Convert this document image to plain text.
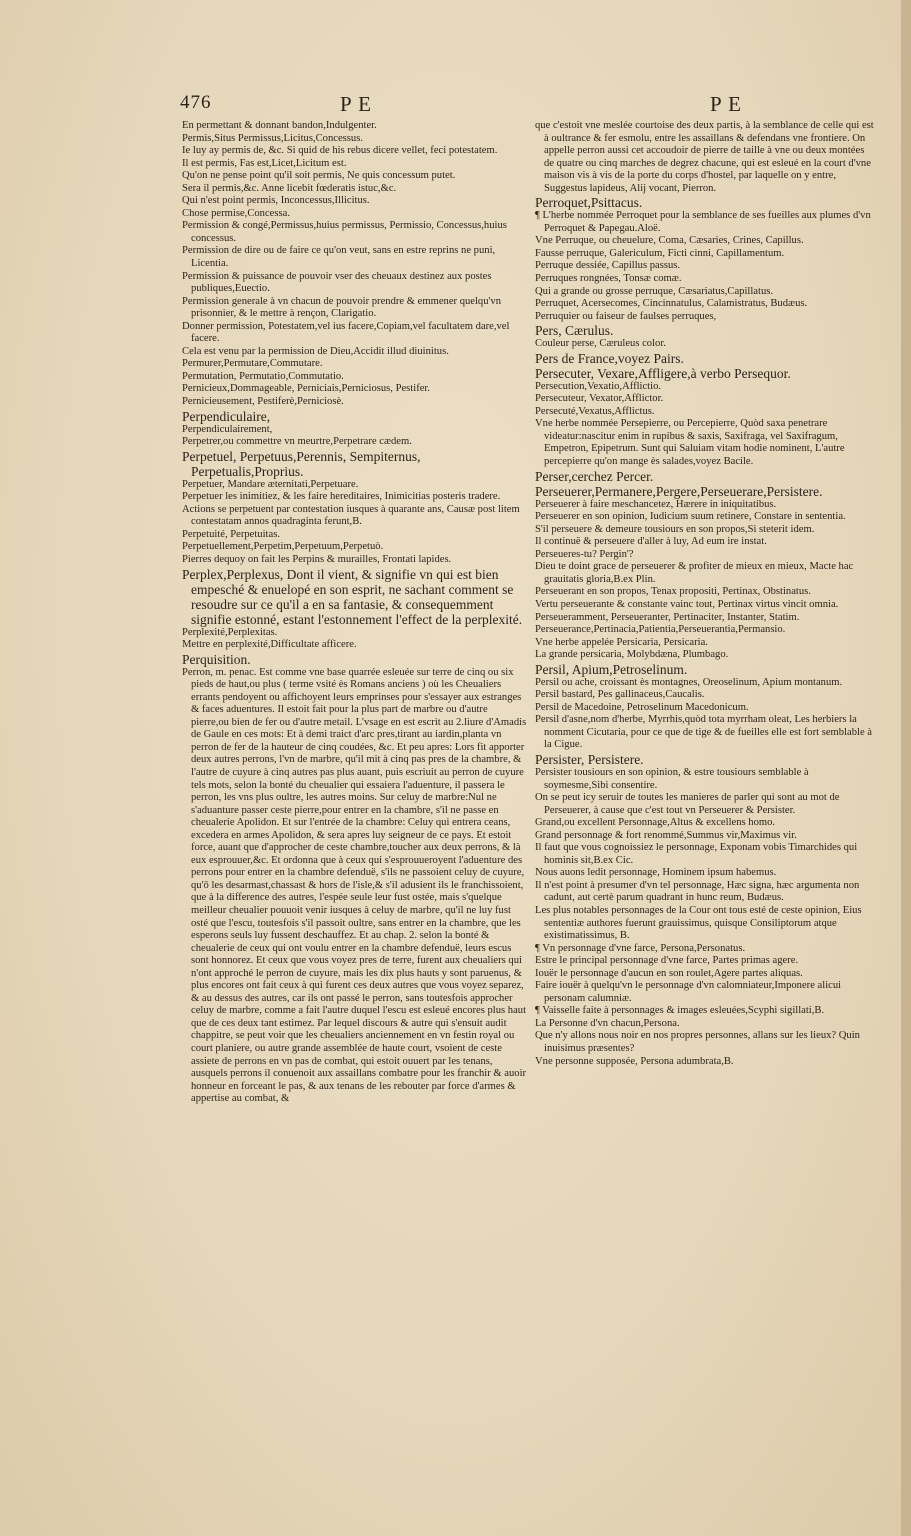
476	P E	P E

En permettant & donnant bandon,Indulgenter.

Permis,Situs Permissus,Licitus,Concessus.

Ie luy ay permis de, &c. Si quid de his rebus dicere vellet, feci potestatem.

Il est permis, Fas est,Licet,Licitum est.

Qu'on ne pense point qu'il soit permis, Ne quis concessum putet.

Sera il permis,&c. Anne licebit fœderatis istuc,&c.

Qui n'est point permis, Inconcessus,Illicitus.

Chose permise,Concessa.

Permission & congé,Permissus,huius permissus, Permissio, Concessus,huius concessus.

Permission de dire ou de faire ce qu'on veut, sans en estre reprins ne puni, Licentia.

Permission & puissance de pouvoir vser des cheuaux destinez aux postes publiques,Euectio.

Permission generale à vn chacun de pouvoir prendre & emmener quelqu'vn prisonnier, & le mettre à rençon, Clarigatio.

Donner permission, Potestatem,vel ius facere,Copiam,vel facultatem dare,vel facere.

Cela est venu par la permission de Dieu,Accidit illud diuinitus.

Permurer,Permutare,Commutare.

Permutation, Permutatio,Commutatio.

Pernicieux,Dommageable, Perniciais,Perniciosus, Pestifer.

Pernicieusement, Pestiferè,Perniciosè.

Perpendiculaire,

Perpendiculairement,

Perpetrer,ou commettre vn meurtre,Perpetrare cædem.

Perpetuel, Perpetuus,Perennis, Sempiternus, Perpetualis,Proprius.

Perpetuer, Mandare æternitati,Perpetuare.

Perpetuer les inimitiez, & les faire hereditaires, Inimicitias posteris tradere.

Actions se perpetuent par contestation iusques à quarante ans, Causæ post litem contestatam annos quadraginta ferunt,B.

Perpetuité, Perpetuitas.

Perpetuellement,Perpetim,Perpetuum,Perpetuò.

Pierres dequoy on fait les Perpins & murailles, Frontati lapides.

Perplex,Perplexus, Dont il vient, & signifie vn qui est bien empesché & enuelopé en son esprit, ne sachant comment se resoudre sur ce qu'il a en sa fantasie, & consequemment signifie estonné, estant l'estonnement l'effect de la perplexité.

Perplexité,Perplexitas.

Mettre en perplexité,Difficultate afficere.

Perquisition.

Perron, m. penac. Est comme vne base quarrée esleuée sur terre de cinq ou six pieds de haut,ou plus ( terme vsité ès Romans anciens ) où les Cheualiers errants pendoyent ou affichoyent leurs emprinses pour s'essayer aux estranges & faces aduentures. Il estoit fait pour la plus part de marbre ou d'autre pierre,ou bien de fer ou d'autre metail. L'vsage en est escrit au 2.liure d'Amadis de Gaule en ces mots: Et à demi traict d'arc pres,tirant au iardin,planta vn perron de fer de la hauteur de cinq coudées, &c. Et peu apres: Lors fit apporter deux autres perrons, l'vn de marbre, qu'il mit à cinq pas pres de la chambre, & l'autre de cuyure à cinq autres pas plus auant, puis escriuit au perron de cuyure tels mots, selon la bonté du cheualier qui essaiera l'aduenture, il passera le perron, les vns plus oultre, les autres moins. Sur celuy de marbre:Nul ne s'aduanture passer ceste pierre,pour entrer en la chambre, s'il ne passe en cheualerie Apolidon. Et sur l'entrée de la chambre: Celuy qui entrera ceans, excedera en armes Apolidon, & sera apres luy seigneur de ce pays. Et estoit force, auant que d'approcher de ceste chambre,toucher aux deux perrons, & là eux esprouuer,&c. Et ordonna que à ceux qui s'esprouueroyent l'aduenture des perrons pour entrer en la chambre defenduë, s'ils ne passoient celuy de cuyure, qu'ō les desarmast,chassast & hors de l'isle,& s'il adusient ils le franchissoient, que à la difference des autres, l'espée seule leur fust ostée, mais s'quelque meilleur cheualier pouuoit venir iusques à celuy de marbre, qu'il ne luy fust osté que l'escu, toutesfois s'il passoit oultre, sans entrer en la chambre, que les esperons seuls luy fussent deschauffez. Et au chap. 2. selon la bonté & cheualerie de ceux qui ont voulu entrer en la chambre defenduë, leurs escus sont honnorez. Et ceux que vous voyez pres de terre, furent aux cheualiers qui n'ont approché le perron de cuyure, mais les dix plus hauts y sont paruenus, & plus encores ont fait ceux à qui furent ces deux autres que vous voyez separez, & au dessus des autres, car ils ont passé le perron, sans toutesfois approcher celuy de marbre, comme a fait l'autre duquel l'escu est esleué encores plus haut que de ces deux tant estimez. Par lequel discours & autre qui s'ensuit audit chappitre, se peut voir que les cheualiers anciennement en vn festin royal ou court planiere, ou autre grande assemblée de haute court, vsoient de ceste assiete de perrons en vn pas de combat, qui estoit ouuert par les tenans, ausquels perrons il conuenoit aux assaillans combatre pour les franchir & auoir honneur en forceant le pas, & aux tenans de les rebouter par force d'armes & appertise au combat, &

que c'estoit vne meslée courtoise des deux partis, à la semblance de celle qui est à oultrance & fer esmolu, entre les assaillans & defendans vne frontiere. On appelle perron aussi cet accoudoir de pierre de taille à vne ou deux montées de quatre ou cinq marches de degrez chacune, qui est esleué en la court d'vne maison vis à vis de la porte du corps d'hostel, par laquelle on y entre, Suggestus lapideus, Alij vocant, Pierron.

Perroquet,Psittacus.

¶ L'herbe nommée Perroquet pour la semblance de ses fueilles aux plumes d'vn Perroquet & Papegau.Aloë.

Vne Perruque, ou cheuelure, Coma, Cæsaries, Crines, Capillus.

Fausse perruque, Galericulum, Ficti cinni, Capillamentum.

Perruque dessiée, Capillus passus.

Perruques rongnées, Tonsæ comæ.

Qui a grande ou grosse perruque, Cæsariatus,Capillatus.

Perruquet, Acersecomes, Cincinnatulus, Calamistratus, Budæus.

Perruquier ou faiseur de faulses perruques,

Pers, Cærulus.

Couleur perse, Cæruleus color.

Pers de France,voyez Pairs.

Persecuter, Vexare,Affligere,à verbo Persequor.

Persecution,Vexatio,Afflictio.

Persecuteur, Vexator,Afflictor.

Persecuté,Vexatus,Afflictus.

Vne herbe nommée Persepierre, ou Percepierre, Quòd saxa penetrare videatur:nascitur enim in rupibus & saxis, Saxifraga, vel Saxifragum, Empetron, Epipetrum. Sunt qui Saluiam vitam hodie nominent, L'autre percepierre qu'on mange ès salades,voyez Bacile.

Perser,cerchez Percer.

Perseuerer,Permanere,Pergere,Perseuerare,Persistere.

Perseuerer à faire meschancetez, Hærere in iniquitatibus.

Perseuerer en son opinion, Iudicium suum retinere, Constare in sententia.

S'il perseuere & demeure tousiours en son propos,Si steterit idem.

Il continuë & perseuere d'aller à luy, Ad eum ire instat.

Perseueres-tu? Pergin'?

Dieu te doint grace de perseuerer & profiter de mieux en mieux, Macte hac grauitatis gloria,B.ex Plin.

Perseuerant en son propos, Tenax propositi, Pertinax, Obstinatus.

Vertu perseuerante & constante vainc tout, Pertinax virtus vincit omnia.

Perseueramment, Perseueranter, Pertinaciter, Instanter, Statim.

Perseuerance,Pertinacia,Patientia,Perseuerantia,Permansio.

Vne herbe appelée Persicaria, Persicaria.

La grande persicaria, Molybdæna, Plumbago.

Persil, Apium,Petroselinum.

Persil ou ache, croissant ès montagnes, Oreoselinum, Apium montanum.

Persil bastard, Pes gallinaceus,Caucalis.

Persil de Macedoine, Petroselinum Macedonicum.

Persil d'asne,nom d'herbe, Myrrhis,quòd tota myrrham oleat, Les herbiers la nomment Cicutaria, pour ce que de tige & de fueilles elle est fort semblable à la Cigue.

Persister, Persistere.

Persister tousiours en son opinion, & estre tousiours semblable à soymesme,Sibi consentire.

On se peut icy seruir de toutes les manieres de parler qui sont au mot de Perseuerer, à cause que c'est tout vn Perseuerer & Persister.

Grand,ou excellent Personnage,Altus & excellens homo.

Grand personnage & fort renommé,Summus vir,Maximus vir.

Il faut que vous cognoissiez le personnage, Exponam vobis Timarchides qui hominis sit,B.ex Cic.

Nous auons ledit personnage, Hominem ipsum habemus.

Il n'est point à presumer d'vn tel personnage, Hæc signa, hæc argumenta non cadunt, aut certè parum quadrant in hunc reum, Budæus.

Les plus notables personnages de la Cour ont tous esté de ceste opinion, Eius sententiæ authores fuerunt grauissimus, quisque Consiliptorum atque existimatissimus, B.

¶ Vn personnage d'vne farce, Persona,Personatus.

Estre le principal personnage d'vne farce, Partes primas agere.

Iouër le personnage d'aucun en son roulet,Agere partes aliquas.

Faire iouër à quelqu'vn le personnage d'vn calomniateur,Imponere alicui personam calumniæ.

¶ Vaisselle faite à personnages & images esleuées,Scyphi sigillati,B.

La Personne d'vn chacun,Persona.

Que n'y allons nous noir en nos propres personnes, allans sur les lieux? Quin inuisimus præsentes?

Vne personne supposée, Persona adumbrata,B.
